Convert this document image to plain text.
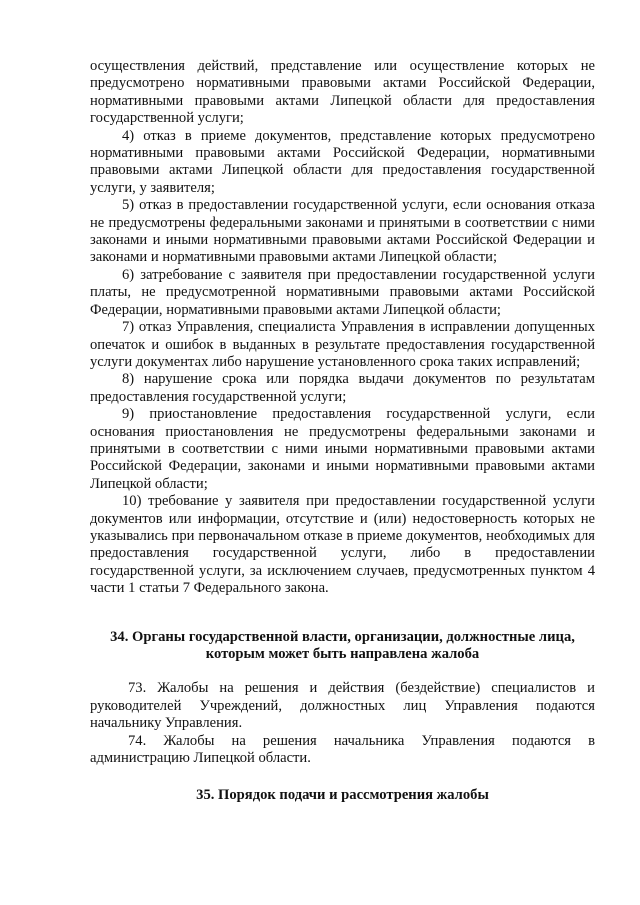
осуществления действий, представление или осуществление которых не предусмотрено нормативными правовыми актами Российской Федерации, нормативными правовыми актами Липецкой области для предоставления государственной услуги;

4) отказ в приеме документов, представление которых предусмотрено нормативными правовыми актами Российской Федерации, нормативными правовыми актами Липецкой области для предоставления государственной услуги, у заявителя;

5) отказ в предоставлении государственной услуги, если основания отказа не предусмотрены федеральными законами и принятыми в соответствии с ними законами и иными нормативными правовыми актами Российской Федерации и законами и нормативными правовыми актами Липецкой области;

6) затребование с заявителя при предоставлении государственной услуги платы, не предусмотренной нормативными правовыми актами Российской Федерации, нормативными правовыми актами Липецкой области;

7) отказ Управления, специалиста Управления в исправлении допущенных опечаток и ошибок в выданных в результате предоставления государственной услуги документах либо нарушение установленного срока таких исправлений;

8) нарушение срока или порядка выдачи документов по результатам предоставления государственной услуги;

9) приостановление предоставления государственной услуги, если основания приостановления не предусмотрены федеральными законами и принятыми в соответствии с ними иными нормативными правовыми актами Российской Федерации, законами и иными нормативными правовыми актами Липецкой области;

10) требование у заявителя при предоставлении государственной услуги документов или информации, отсутствие и (или) недостоверность которых не указывались при первоначальном отказе в приеме документов, необходимых для предоставления государственной услуги, либо в предоставлении государственной услуги, за исключением случаев, предусмотренных пунктом 4 части 1 статьи 7 Федерального закона.

34. Органы государственной власти, организации, должностные лица,
которым может быть направлена жалоба

73. Жалобы на решения и действия (бездействие) специалистов и руководителей Учреждений, должностных лиц Управления подаются начальнику Управления.

74. Жалобы на решения начальника Управления подаются в администрацию Липецкой области.

35. Порядок подачи и рассмотрения жалобы
